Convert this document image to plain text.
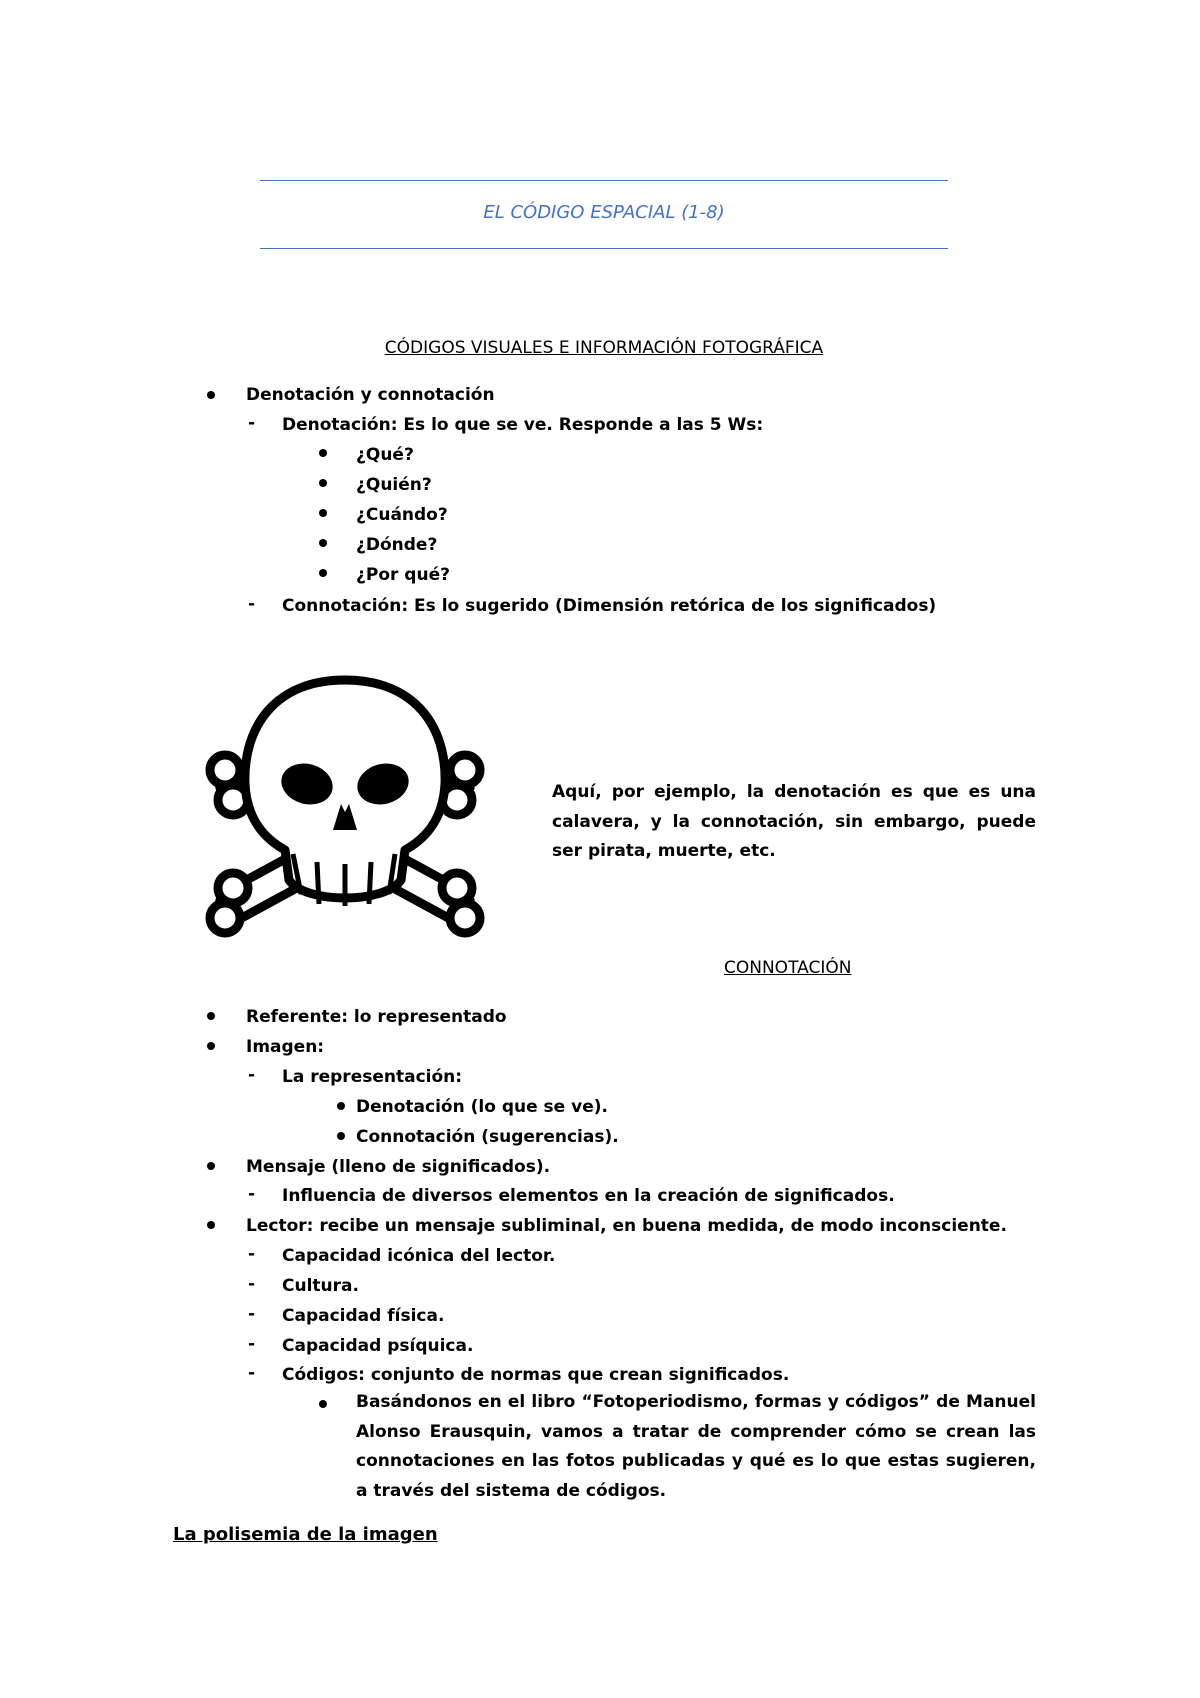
EL CÓDIGO ESPACIAL (1-8)
CÓDIGOS VISUALES E INFORMACIÓN FOTOGRÁFICA
Denotación y connotación
- Denotación: Es lo que se ve. Responde a las 5 Ws:
¿Qué?
¿Quién?
¿Cuándo?
¿Dónde?
¿Por qué?
- Connotación: Es lo sugerido (Dimensión retórica de los significados)
Aquí, por ejemplo, la denotación es que es una calavera, y la connotación, sin embargo, puede ser pirata, muerte, etc.
CONNOTACIÓN
Referente: lo representado
Imagen:
- La representación:
Denotación (lo que se ve).
Connotación (sugerencias).
Mensaje (lleno de significados).
- Influencia de diversos elementos en la creación de significados.
Lector: recibe un mensaje subliminal, en buena medida, de modo inconsciente.
- Capacidad icónica del lector.
- Cultura.
- Capacidad física.
- Capacidad psíquica.
- Códigos: conjunto de normas que crean significados.
Basándonos en el libro “Fotoperiodismo, formas y códigos” de Manuel Alonso Erausquin, vamos a tratar de comprender cómo se crean las connotaciones en las fotos publicadas y qué es lo que estas sugieren, a través del sistema de códigos.
La polisemia de la imagen
